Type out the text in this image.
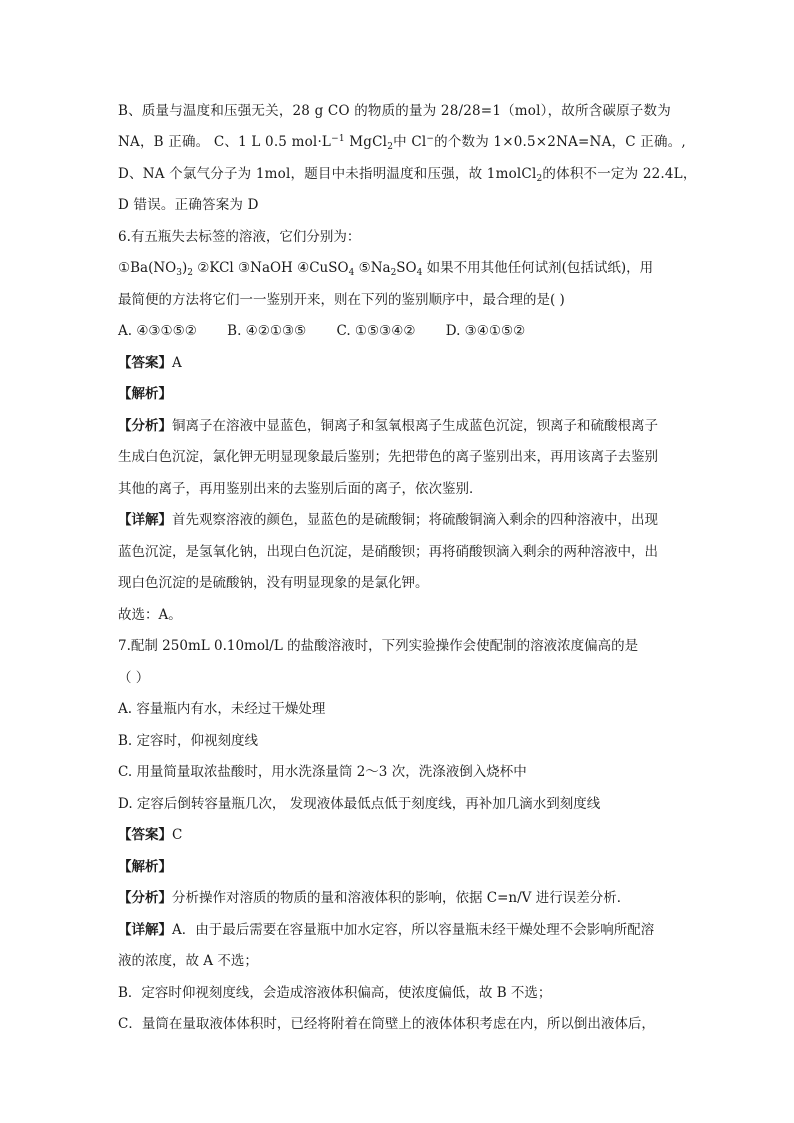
B、质量与温度和压强无关，28 g CO 的物质的量为 28/28=1（mol），故所含碳原子数为
NA，B 正确。 C、1 L 0.5 $mol\cdot L^{-1}$ MgCl$_2$中 Cl−的个数为 1×0.5×2NA=NA，C 正确。,
D、NA 个氯气分子为 1mol，题目中未指明温度和压强，故 1molCl$_2$的体积不一定为 22.4L，
D 错误。正确答案为 D
6.有五瓶失去标签的溶液，它们分别为：
$①Ba(NO_3)_2$ ②KCl ③NaOH ④CuSO$_4$ $⑤Na_2SO_4$ 如果不用其他任何试剂(包括试纸)，用
最简便的方法将它们一一鉴别开来，则在下列的鉴别顺序中，最合理的是( )
A. ④③①⑤② B. ④②①③⑤ C. ①⑤③④② D. ③④①⑤②
【答案】A
【解析】
【分析】铜离子在溶液中显蓝色，铜离子和氢氧根离子生成蓝色沉淀，钡离子和硫酸根离子
生成白色沉淀，氯化钾无明显现象最后鉴别；先把带色的离子鉴别出来，再用该离子去鉴别
其他的离子，再用鉴别出来的去鉴别后面的离子，依次鉴别．
【详解】首先观察溶液的颜色，显蓝色的是硫酸铜；将硫酸铜滴入剩余的四种溶液中，出现
蓝色沉淀，是氢氧化钠，出现白色沉淀，是硝酸钡；再将硝酸钡滴入剩余的两种溶液中，出
现白色沉淀的是硫酸钠，没有明显现象的是氯化钾。
故选：A。
7.配制 250mL 0.10mol/L 的盐酸溶液时，下列实验操作会使配制的溶液浓度偏高的是
（ ）
A. 容量瓶内有水，未经过干燥处理
B. 定容时，仰视刻度线
C. 用量简量取浓盐酸时，用水洗涤量筒 2～3 次，洗涤液倒入烧杯中
D. 定容后倒转容量瓶几次， 发现液体最低点低于刻度线，再补加几滴水到刻度线
【答案】C
【解析】
【分析】分析操作对溶质的物质的量和溶液体积的影响，依据 C=n/V 进行误差分析．
【详解】A．由于最后需要在容量瓶中加水定容，所以容量瓶未经干燥处理不会影响所配溶
液的浓度，故 A 不选；
B．定容时仰视刻度线，会造成溶液体积偏高，使浓度偏低，故 B 不选；
C．量筒在量取液体体积时，已经将附着在筒壁上的液体体积考虑在内，所以倒出液体后，
